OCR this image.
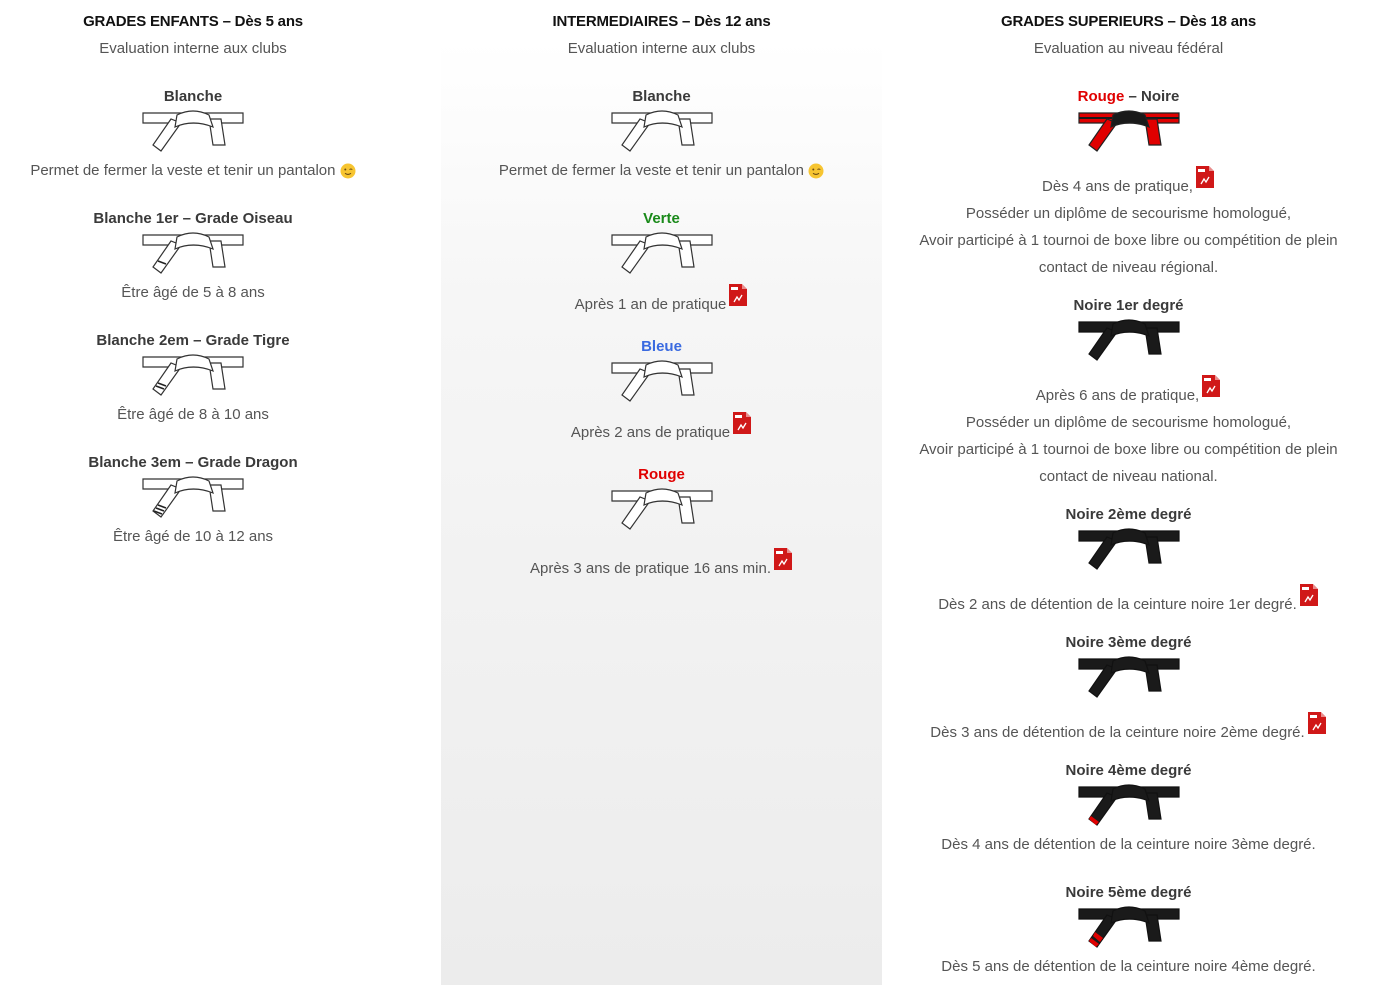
GRADES ENFANTS – Dès 5 ans
Evaluation interne aux clubs
Blanche
Permet de fermer la veste et tenir un pantalon
Blanche 1er – Grade Oiseau
Être âgé de 5 à 8 ans
Blanche 2em – Grade Tigre
Être âgé de 8 à 10 ans
Blanche 3em – Grade Dragon
Être âgé de 10 à 12 ans
INTERMEDIAIRES – Dès 12 ans
Evaluation interne aux clubs
Blanche
Permet de fermer la veste et tenir un pantalon
Verte
Après 1 an de pratique
Bleue
Après 2 ans de pratique
Rouge
Après 3 ans de pratique 16 ans min.
GRADES SUPERIEURS – Dès 18 ans
Evaluation au niveau fédéral
Rouge – Noire
Dès 4 ans de pratique,
Posséder un diplôme de secourisme homologué,
Avoir participé à 1 tournoi de boxe libre ou compétition de plein
contact de niveau régional.
Noire 1er degré
Après 6 ans de pratique,
Posséder un diplôme de secourisme homologué,
Avoir participé à 1 tournoi de boxe libre ou compétition de plein
contact de niveau national.
Noire 2ème degré
Dès 2 ans de détention de la ceinture noire 1er degré.
Noire 3ème degré
Dès 3 ans de détention de la ceinture noire 2ème degré.
Noire 4ème degré
Dès 4 ans de détention de la ceinture noire 3ème degré.
Noire 5ème degré
Dès 5 ans de détention de la ceinture noire 4ème degré.
